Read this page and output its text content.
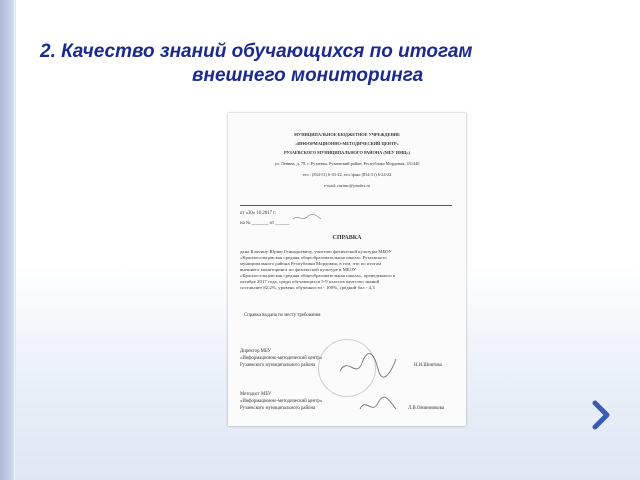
2. Качество знаний обучающихся по итогам
внешнего мониторинга
МУНИЦИПАЛЬНОЕ БЮДЖЕТНОЕ УЧРЕЖДЕНИЕ
«ИНФОРМАЦИОННО-МЕТОДИЧЕСКИЙ ЦЕНТР»
РУЗАЕВСКОГО МУНИЦИПАЛЬНОГО РАЙОНА (МБУ ИМЦ»)
ул. Ленина, д. 79, г. Рузаевка, Рузаевский район, Республика Мордовия, 431440
тел.: (834-51) 6-03-22, тел./факс (834-51) 6-24-22
e-mail: ruzimc@yandex.ru
от «30» 10 2017 г.
на № _______ от ______
СПРАВКА
дана Клячину Юрию Геннадьевичу, учителю физической культуры МБОУ
«Красносельцовская средняя общеобразовательная школа» Рузаевского
муниципального района Республики Мордовия, в том, что по итогам
внешнего мониторинга по физической культуре в МБОУ
«Красносельцовская средняя общеобразовательная школа», проведенного в
октябре 2017 года, среди обучающихся 5-9 классов качество знаний
составляет 82,2%, уровень обученности - 100%, средний бал - 4,3
Справка выдана по месту требования
Директор МБУ
«Информационно-методический центр»
Рузаевского муниципального района	Н.Н.Шиятова
Методист МБУ
«Информационно-методический центр»
Рузаевского муниципального района	Л.В.Овчинникова
